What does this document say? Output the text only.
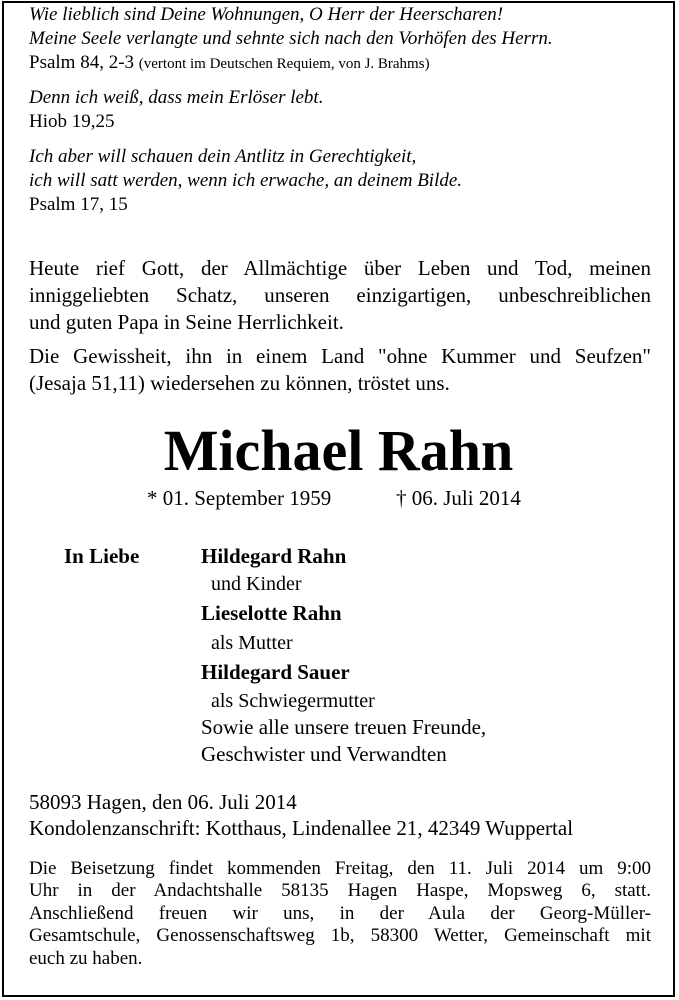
Wie lieblich sind Deine Wohnungen, O Herr der Heerscharen!
Meine Seele verlangte und sehnte sich nach den Vorhöfen des Herrn.
Psalm 84, 2-3 (vertont im Deutschen Requiem, von J. Brahms)
Denn ich weiß, dass mein Erlöser lebt.
Hiob 19,25
Ich aber will schauen dein Antlitz in Gerechtigkeit,
ich will satt werden, wenn ich erwache, an deinem Bilde.
Psalm 17, 15
Heute rief Gott, der Allmächtige über Leben und Tod, meinen
inniggeliebten Schatz, unseren einzigartigen, unbeschreiblichen
und guten Papa in Seine Herrlichkeit.
Die Gewissheit, ihn in einem Land "ohne Kummer und Seufzen"
(Jesaja 51,11) wiedersehen zu können, tröstet uns.
Michael Rahn
* 01. September 1959	† 06. Juli 2014
In Liebe	Hildegard Rahn
und Kinder
Lieselotte Rahn
als Mutter
Hildegard Sauer
als Schwiegermutter
Sowie alle unsere treuen Freunde,
Geschwister und Verwandten
58093 Hagen, den 06. Juli 2014
Kondolenzanschrift: Kotthaus, Lindenallee 21, 42349 Wuppertal
Die Beisetzung findet kommenden Freitag, den 11. Juli 2014 um 9:00
Uhr in der Andachtshalle 58135 Hagen Haspe, Mopsweg 6, statt.
Anschließend freuen wir uns, in der Aula der Georg-Müller-
Gesamtschule, Genossenschaftsweg 1b, 58300 Wetter, Gemeinschaft mit
euch zu haben.
